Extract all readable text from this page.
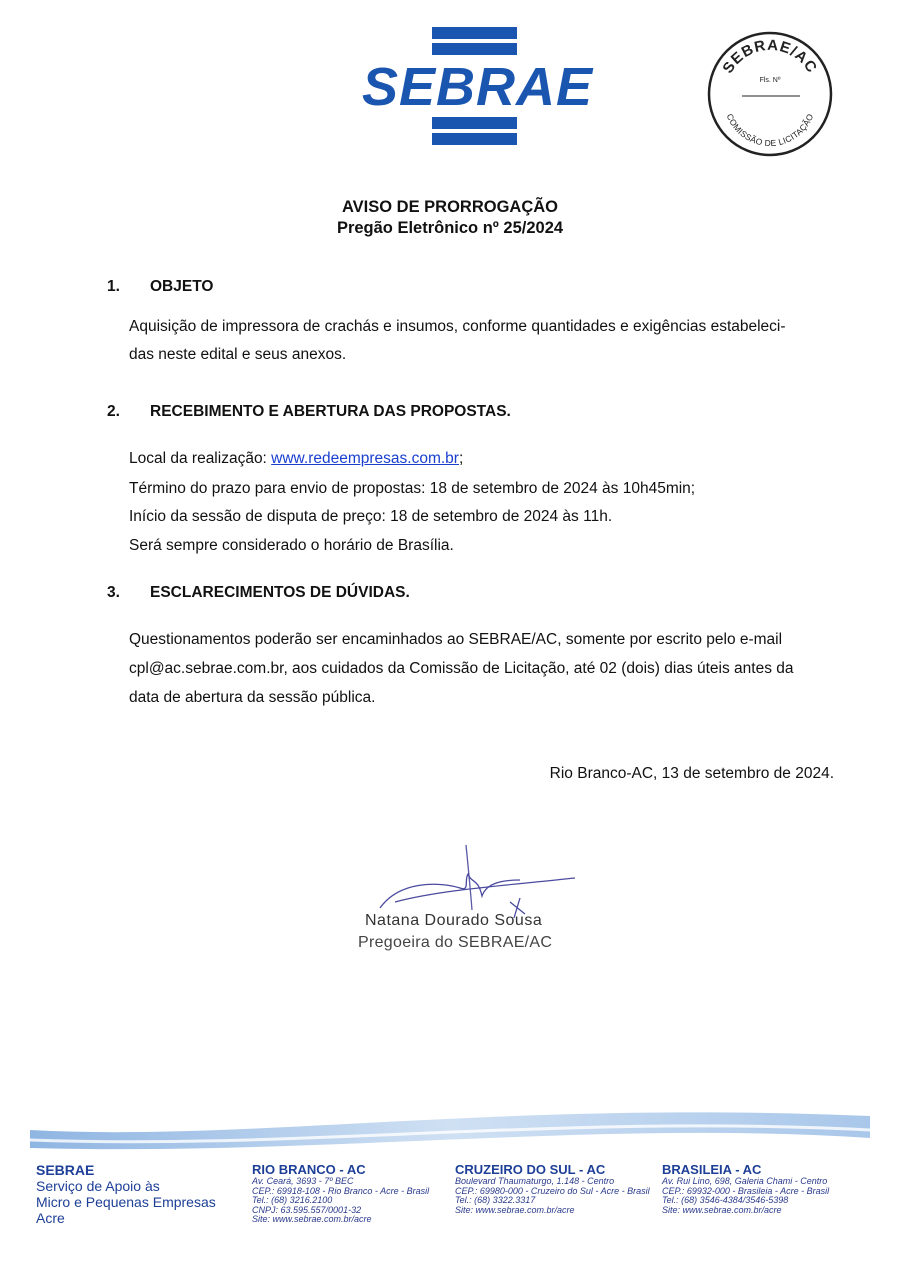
SEBRAE	SEBRAE/AC
Fls. Nº
COMISSÃO DE LICITAÇÃO
AVISO DE PRORROGAÇÃO
Pregão Eletrônico nº 25/2024
1. OBJETO
Aquisição de impressora de crachás e insumos, conforme quantidades e exigências estabeleci-
das neste edital e seus anexos.
2. RECEBIMENTO E ABERTURA DAS PROPOSTAS.
Local da realização: www.redeempresas.com.br;
Término do prazo para envio de propostas: 18 de setembro de 2024 às 10h45min;
Início da sessão de disputa de preço: 18 de setembro de 2024 às 11h.
Será sempre considerado o horário de Brasília.
3. ESCLARECIMENTOS DE DÚVIDAS.
Questionamentos poderão ser encaminhados ao SEBRAE/AC, somente por escrito pelo e-mail
cpl@ac.sebrae.com.br, aos cuidados da Comissão de Licitação, até 02 (dois) dias úteis antes da
data de abertura da sessão pública.
Rio Branco-AC, 13 de setembro de 2024.
Natana Dourado Sousa
Pregoeira do SEBRAE/AC
SEBRAE
Serviço de Apoio às
Micro e Pequenas Empresas
Acre
RIO BRANCO - AC
Av. Ceará, 3693 - 7º BEC
CEP.: 69918-108 - Rio Branco - Acre - Brasil
Tel.: (68) 3216.2100
CNPJ: 63.595.557/0001-32
Site: www.sebrae.com.br/acre
CRUZEIRO DO SUL - AC
Boulevard Thaumaturgo, 1.148 - Centro
CEP.: 69980-000 - Cruzeiro do Sul - Acre - Brasil
Tel.: (68) 3322.3317
Site: www.sebrae.com.br/acre
BRASILEIA - AC
Av. Rui Lino, 698, Galeria Chami - Centro
CEP.: 69932-000 - Brasileia - Acre - Brasil
Tel.: (68) 3546-4384/3546-5398
Site: www.sebrae.com.br/acre
